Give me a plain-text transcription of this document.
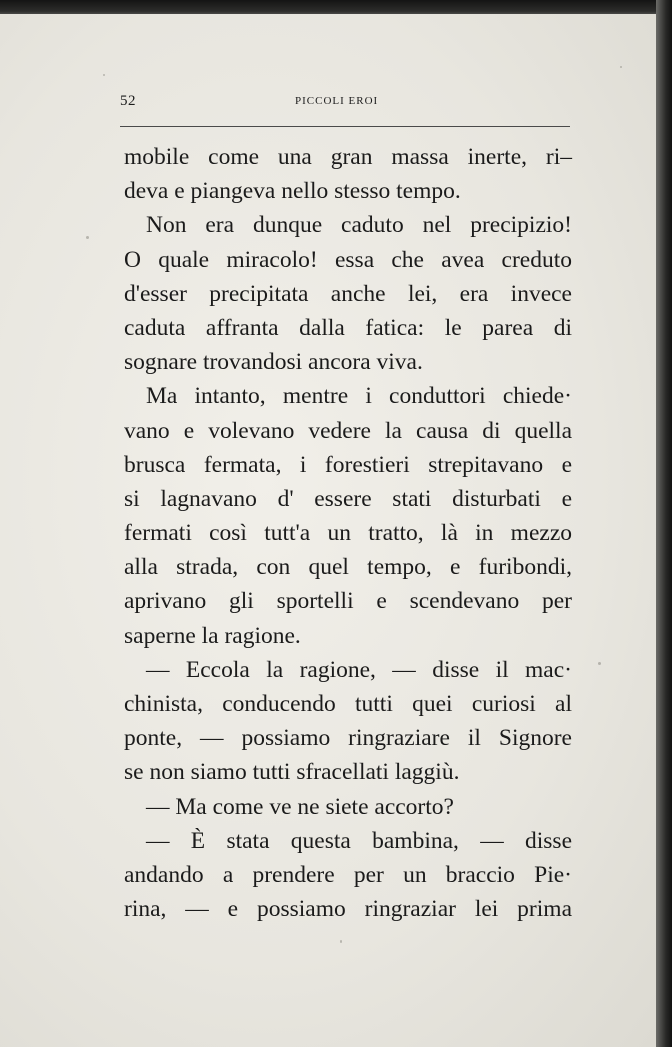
52	PICCOLI EROI
mobile come una gran massa inerte, ri–
deva e piangeva nello stesso tempo.
Non era dunque caduto nel precipizio!
O quale miracolo! essa che avea creduto
d'esser precipitata anche lei, era invece
caduta affranta dalla fatica: le parea di
sognare trovandosi ancora viva.
Ma intanto, mentre i conduttori chiede·
vano e volevano vedere la causa di quella
brusca fermata, i forestieri strepitavano e
si lagnavano d' essere stati disturbati e
fermati così tutt'a un tratto, là in mezzo
alla strada, con quel tempo, e furibondi,
aprivano gli sportelli e scendevano per
saperne la ragione.
— Eccola la ragione, — disse il mac·
chinista, conducendo tutti quei curiosi al
ponte, — possiamo ringraziare il Signore
se non siamo tutti sfracellati laggiù.
— Ma come ve ne siete accorto?
— È stata questa bambina, — disse
andando a prendere per un braccio Pie·
rina, — e possiamo ringraziar lei prima
